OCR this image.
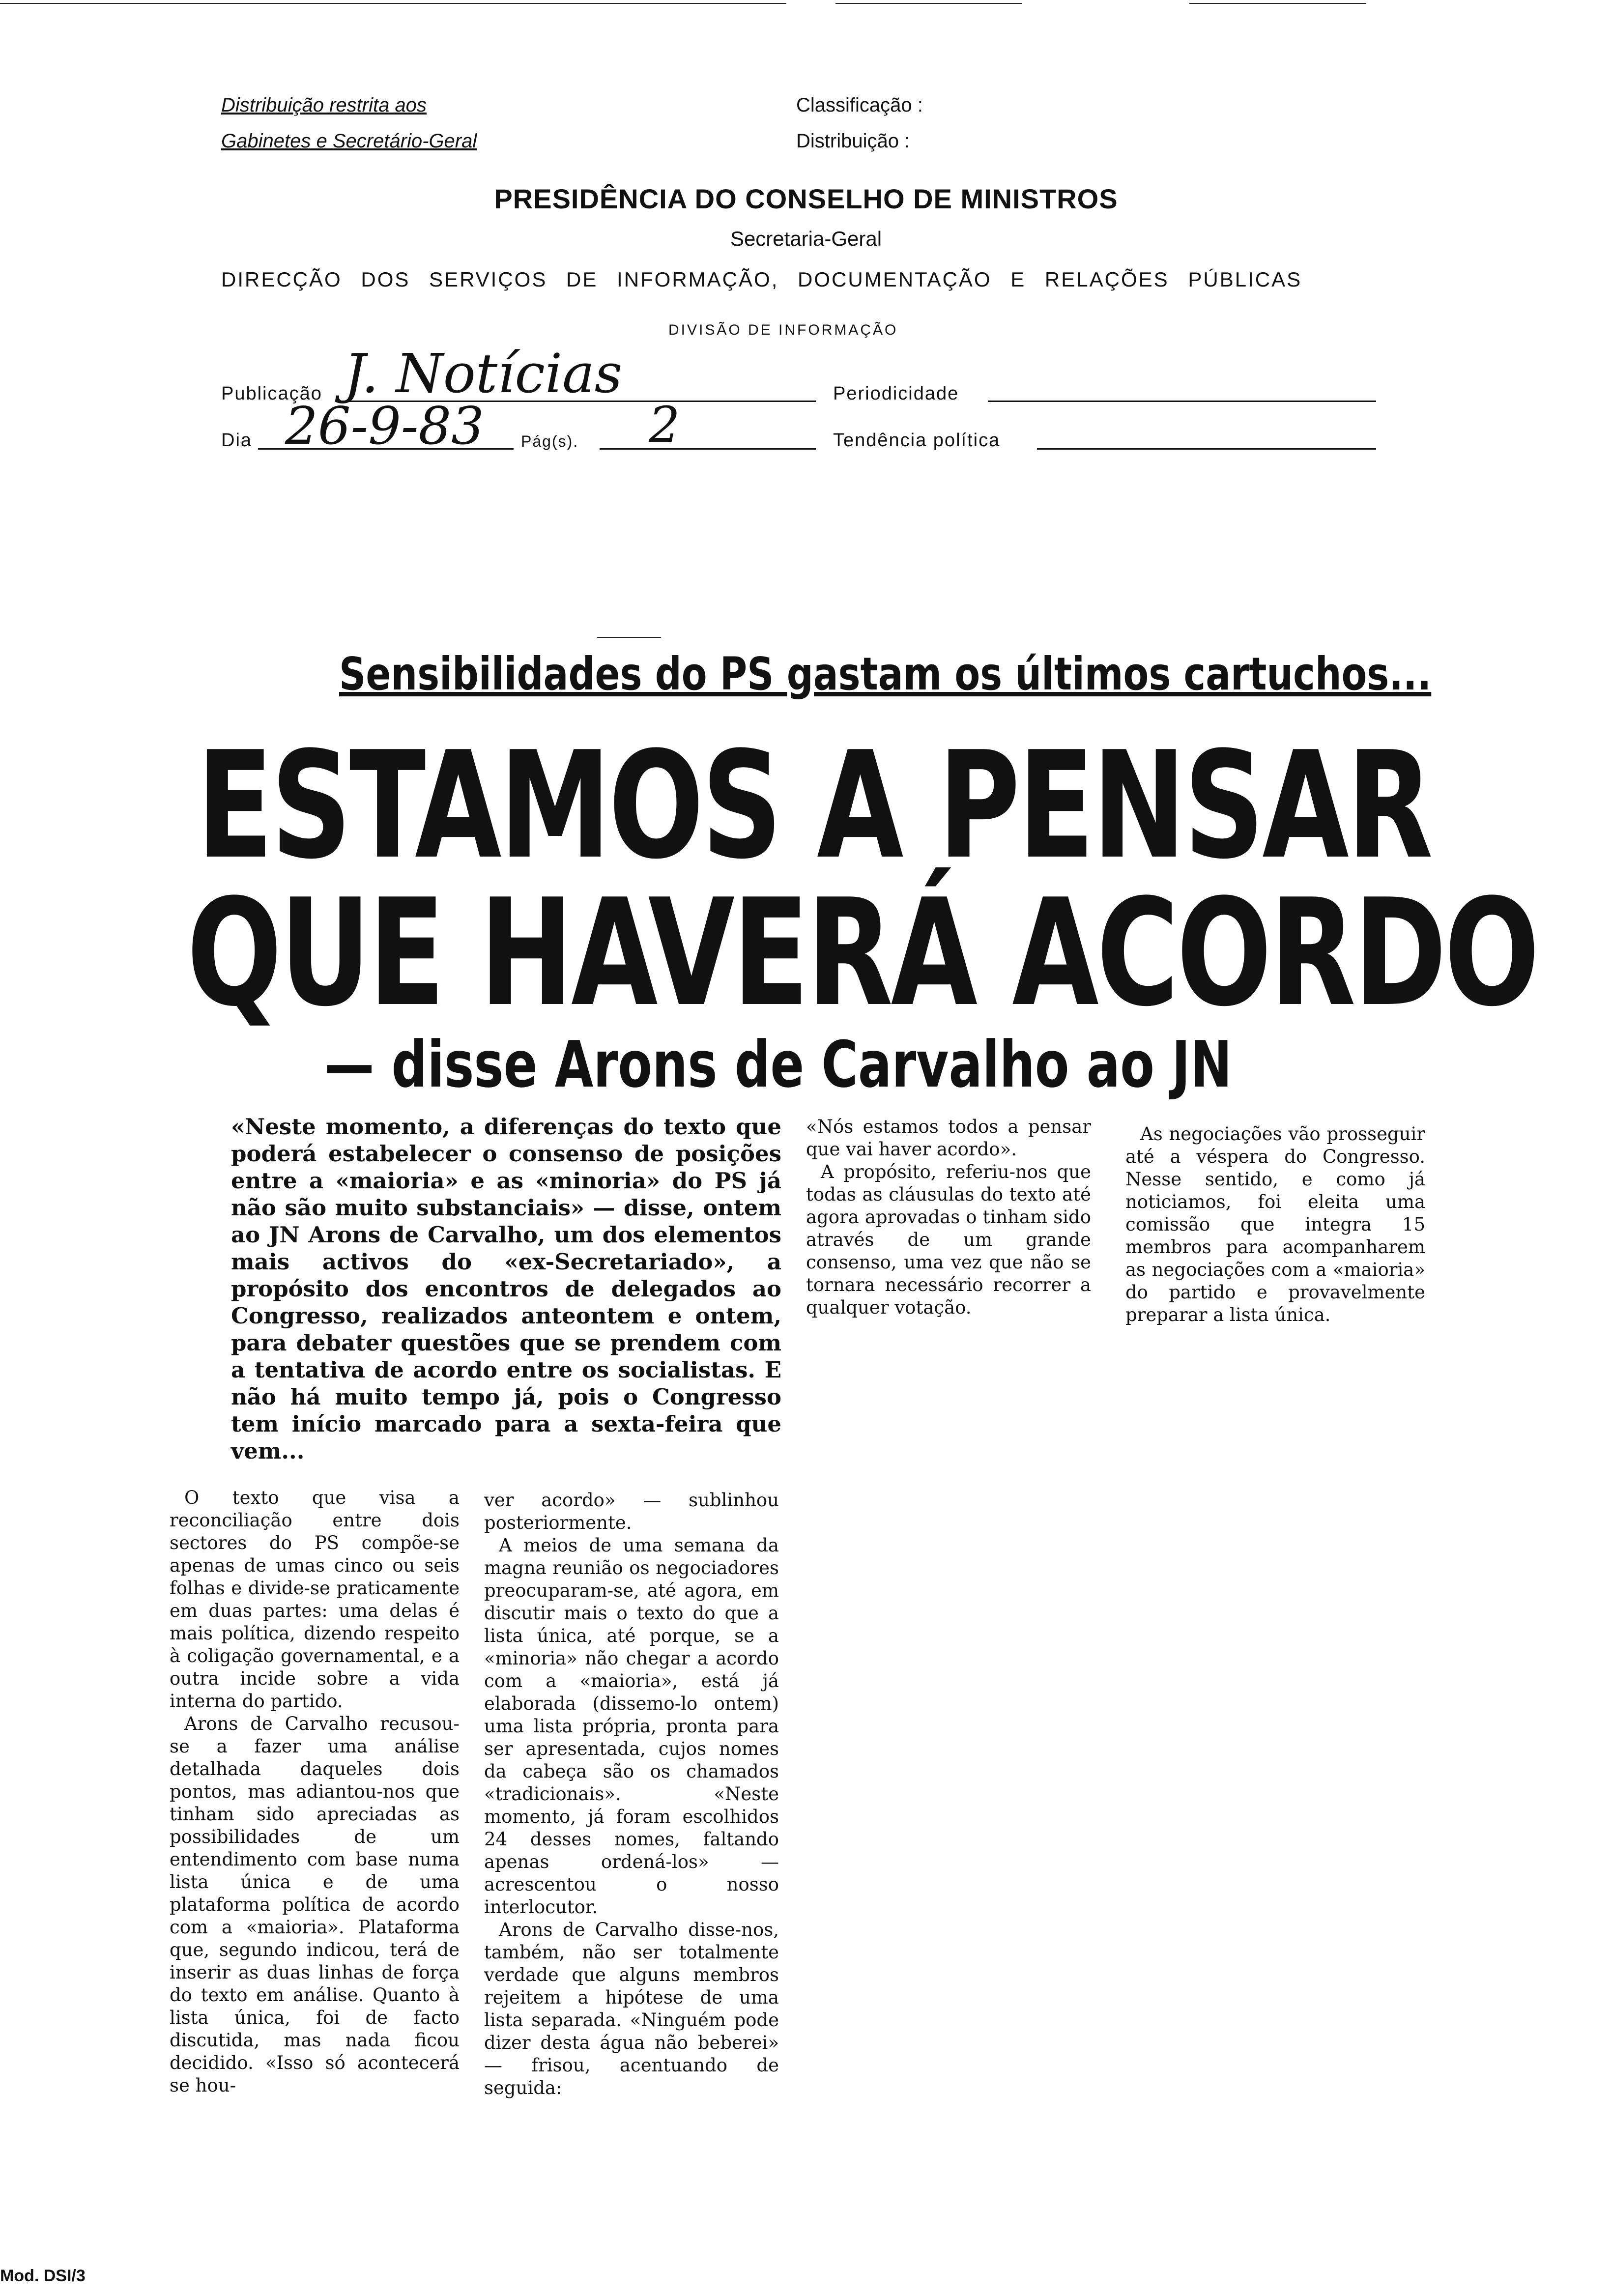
Distribuição restrita aos
Gabinetes e Secretário-Geral
Classificação :
Distribuição :
PRESIDÊNCIA DO CONSELHO DE MINISTROS
Secretaria-Geral
DIRECÇÃO DOS SERVIÇOS DE INFORMAÇÃO, DOCUMENTAÇÃO E RELAÇÕES PÚBLICAS
DIVISÃO DE INFORMAÇÃO
Publicação J. Notícias	Periodicidade
Dia 26-9-83 Pág(s). 2	Tendência política
Sensibilidades do PS gastam os últimos cartuchos...
ESTAMOS A PENSAR
QUE HAVERÁ ACORDO
— disse Arons de Carvalho ao JN
«Neste momento, a diferenças do texto que poderá estabelecer o consenso de posições entre a «maioria» e as «minoria» do PS já não são muito substanciais» — disse, ontem ao JN Arons de Carvalho, um dos elementos mais activos do «ex-Secretariado», a propósito dos encontros de delegados ao Congresso, realizados anteontem e ontem, para debater questões que se prendem com a tentativa de acordo entre os socialistas. E não há muito tempo já, pois o Congresso tem início marcado para a sexta-feira que vem...

«Nós estamos todos a pensar que vai haver acordo».

A propósito, referiu-nos que todas as cláusulas do texto até agora aprovadas o tinham sido através de um grande consenso, uma vez que não se tornara necessário recorrer a qualquer votação.

As negociações vão prosseguir até a véspera do Congresso. Nesse sentido, e como já noticiamos, foi eleita uma comissão que integra 15 membros para acompanharem as negociações com a «maioria» do partido e provavelmente preparar a lista única.

O texto que visa a reconciliação entre dois sectores do PS compõe-se apenas de umas cinco ou seis folhas e divide-se praticamente em duas partes: uma delas é mais política, dizendo respeito à coligação governamental, e a outra incide sobre a vida interna do partido.

Arons de Carvalho recusou-se a fazer uma análise detalhada daqueles dois pontos, mas adiantou-nos que tinham sido apreciadas as possibilidades de um entendimento com base numa lista única e de uma plataforma política de acordo com a «maioria». Plataforma que, segundo indicou, terá de inserir as duas linhas de força do texto em análise. Quanto à lista única, foi de facto discutida, mas nada ficou decidido. «Isso só acontecerá se hou-

ver acordo» — sublinhou posteriormente.

A meios de uma semana da magna reunião os negociadores preocuparam-se, até agora, em discutir mais o texto do que a lista única, até porque, se a «minoria» não chegar a acordo com a «maioria», está já elaborada (dissemo-lo ontem) uma lista própria, pronta para ser apresentada, cujos nomes da cabeça são os chamados «tradicionais». «Neste momento, já foram escolhidos 24 desses nomes, faltando apenas ordená-los» — acrescentou o nosso interlocutor.

Arons de Carvalho disse-nos, também, não ser totalmente verdade que alguns membros rejeitem a hipótese de uma lista separada. «Ninguém pode dizer desta água não beberei» — frisou, acentuando de seguida:

Mod. DSI/3
